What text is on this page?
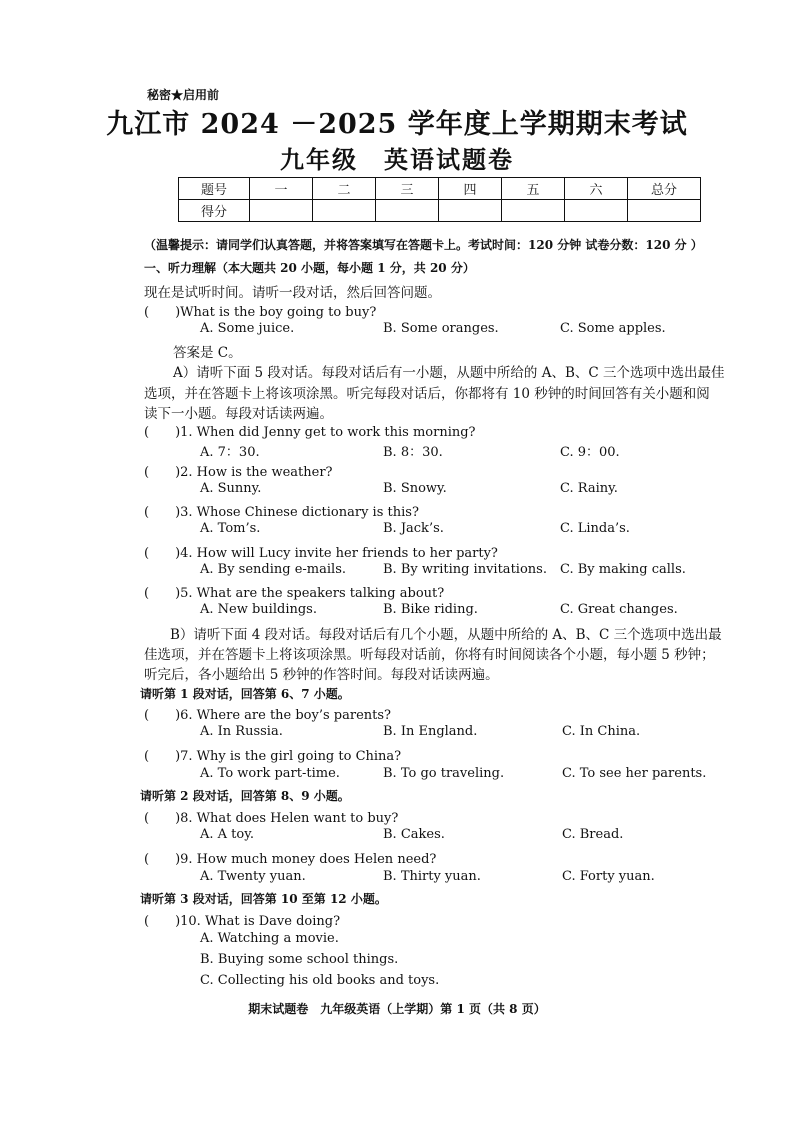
秘密★启用前
九江市 2024 －2025 学年度上学期期末考试
九年级　英语试题卷
题号	一	二	三	四	五	六	总分
得分							
（温馨提示：请同学们认真答题，并将答案填写在答题卡上。考试时间：120 分钟 试卷分数：120 分 ）
一、听力理解（本大题共 20 小题，每小题 1 分，共 20 分）
现在是试听时间。请听一段对话，然后回答问题。
(　　)What is the boy going to buy?
A. Some juice.	B. Some oranges.	C. Some apples.
答案是 C。
A）请听下面 5 段对话。每段对话后有一小题，从题中所给的 A、B、C 三个选项中选出最佳
选项，并在答题卡上将该项涂黑。听完每段对话后，你都将有 10 秒钟的时间回答有关小题和阅
读下一小题。每段对话读两遍。
(　　)1. When did Jenny get to work this morning?
A. 7：30.	B. 8：30.	C. 9：00.
(　　)2. How is the weather?
A. Sunny.	B. Snowy.	C. Rainy.
(　　)3. Whose Chinese dictionary is this?
A. Tom’s.	B. Jack’s.	C. Linda’s.
(　　)4. How will Lucy invite her friends to her party?
A. By sending e-mails.	B. By writing invitations. C. By making calls.
(　　)5. What are the speakers talking about?
A. New buildings.	B. Bike riding.	C. Great changes.
B）请听下面 4 段对话。每段对话后有几个小题，从题中所给的 A、B、C 三个选项中选出最
佳选项，并在答题卡上将该项涂黑。听每段对话前，你将有时间阅读各个小题，每小题 5 秒钟；
听完后，各小题给出 5 秒钟的作答时间。每段对话读两遍。
请听第 1 段对话，回答第 6、7 小题。
(　　)6. Where are the boy’s parents?
A. In Russia.	B. In England.	C. In China.
(　　)7. Why is the girl going to China?
A. To work part-time.	B. To go traveling.	C. To see her parents.
请听第 2 段对话，回答第 8、9 小题。
(　　)8. What does Helen want to buy?
A. A toy.	B. Cakes.	C. Bread.
(　　)9. How much money does Helen need?
A. Twenty yuan.	B. Thirty yuan.	C. Forty yuan.
请听第 3 段对话，回答第 10 至第 12 小题。
(　　)10. What is Dave doing?
A. Watching a movie.
B. Buying some school things.
C. Collecting his old books and toys.
期末试题卷　九年级英语（上学期）第 1 页（共 8 页）
